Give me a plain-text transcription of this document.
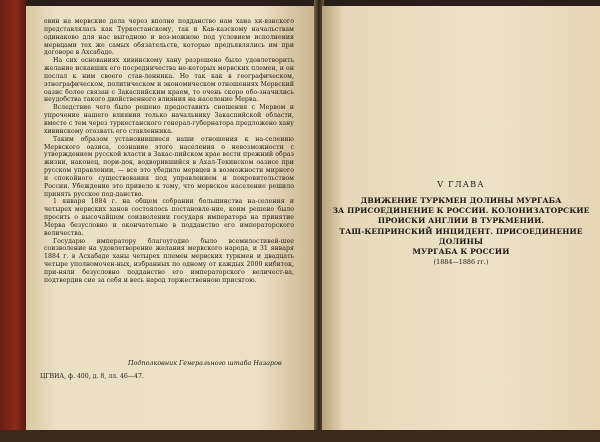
евин на мервские дела через вполне подданство нам хана хи-вэнского представлялась как Туркестанскому, так и Кав-казскому начальствам одинаково для нас выгодною и воз-можною под условием исполнения мервцами тех же самых обязательств, которые предъявлялись им при договоре в Ахсабаде.

На сих основаниях хивинскому хану разрешено было удовлетворить желание искавших его посредничества не-которых мервских племен, и он послал к ним своего став-ленника. Но так как в географическом, этнографическом, политическом и экономическом отношениях Мервский оазис более связан с Закаспийским краем, то очень скоро обо-значились неудобства такого двойственного влияния на население Мерва.

Вследствие чего было решено предоставить сношения с Мервом и упрочение нашего влияния только начальнику Закаспийской области, вместе с тем через туркестанского генерал-губернатора предложено хану хивинскому отозвать его ставленника.

Таким образом установившиеся наши отношения к на-селению Мервского оазиса, сознание этого населения о невозможности с утверждением русской власти в Закас-пийском крае вести прежний образ жизни, наконец, пори-док, водворившийся в Ахал-Текинском оазисе при русском управлении, — все это убедило мервцев в возможности мирного и спокойного существования под управлением и покровительством России. Убеждение это привело к тому, что мервское население решило принять русское под-данство.

1 января 1884 г. на общем собрании большинства на-селения и четырех мервских ханов состоялось постановле-ние, коим решено было просить о высочайшем соизволении государя императора на принятие Мерва безусловно и окончательно в подданство его императорского величества.

Государю императору благоугодно было всемилостивей-шее соизволение на удовлетворение желания мервского народа, и 31 января 1884 г. в Асхабаде ханы четырех племен мервских туркмен и двадцать четыре уполномочен-ных, избранных по одному от каждых 2000 кибиток, при-няли безусловно подданство его императорского величест-ва, подтвердив сие за себя и весь народ торжественною присягою.

Подполковник Генерального штаба Назаров
ЦГВИА, ф. 400, д. 8, лл. 46—47.
V ГЛАВА
ДВИЖЕНИЕ ТУРКМЕН ДОЛИНЫ МУРГАБА
ЗА ПРИСОЕДИНЕНИЕ К РОССИИ. КОЛОНИЗАТОРСКИЕ
ПРОИСКИ АНГЛИИ В ТУРКМЕНИИ.
ТАШ-КЕПРИНСКИЙ ИНЦИДЕНТ. ПРИСОЕДИНЕНИЕ ДОЛИНЫ
МУРГАБА К РОССИИ
(1884—1886 гг.)
